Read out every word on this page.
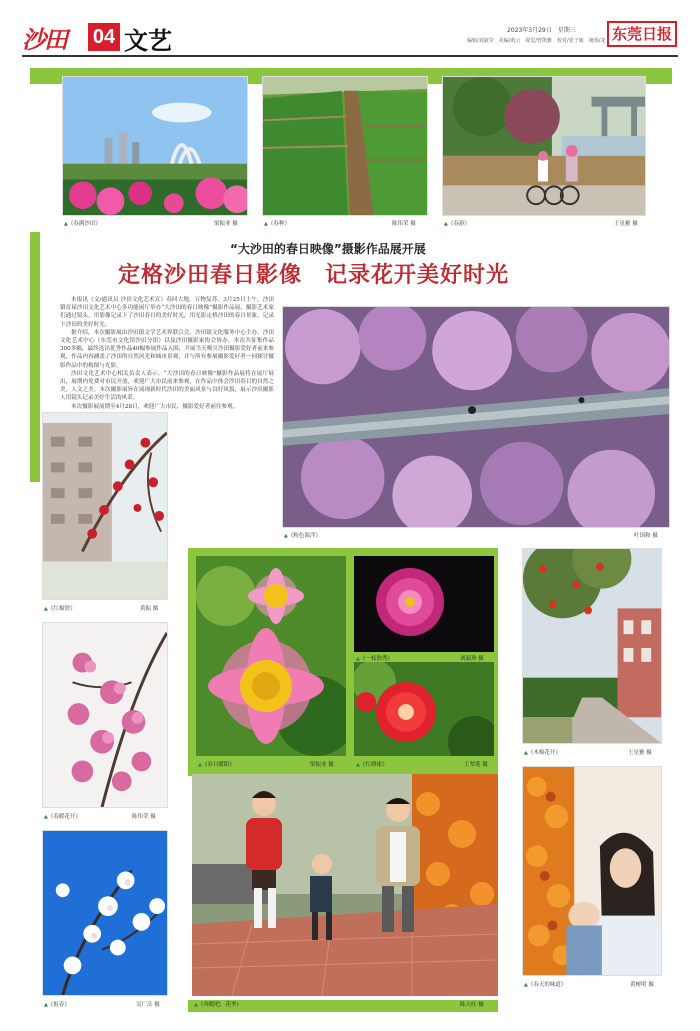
沙田 04 文艺	2023年3月29日　星期三
编辑/刘淑莹　美编/黄云　视觉/曾凯雅　校对/张子敏　统筹/龙 东莞日报
▲《春满沙田》	梁振业 摄	▲《春种》	陈伟荣 摄	▲《春游》	王星雅 摄
“大沙田的春日映像”摄影作品展开展
定格沙田春日影像　记录花开美好时光

本报讯（文/通讯员 沙田文化艺术宣）春回大地，万物复苏。3月25日上午，沙田镇首届沙田文化艺术中心多功能展厅举办“大沙田的春日映像”摄影作品展，摄影艺术家们通过镜头，用影像记录下了沙田春日的美好时光，用光影定格沙田的春日景象，记录下沙田的美好时光。

据介绍，本次摄影展由沙田镇文学艺术界联合会、沙田镇文化服务中心主办，沙田文化艺术中心（东莞市文化馆沙田分馆）以及沙田摄影家协会协办。本次共征集作品300多幅，最终选出优秀作品40幅参展作品入围，开展当天吸引沙田摄影爱好者前来参观，作品内容涵盖了沙田的自然风光和城市景观，并与所有参展摄影爱好者一同探讨摄影作品中的构图与光影。

沙田文化艺术中心相关负责人表示，“大沙田的春日映像”摄影作品展将在展厅展出，展期内免费对市民开放，欢迎广大市民前来参观，在作品中体会沙田春日的自然之美，人文之美。本次摄影展旨在展现新时代沙田的美丽风景与良好风貌，展示沙田摄影人用镜头记录美好生活的风采。

本次摄影展展期至4月28日，欢迎广大市民、摄影爱好者前往参观。

▲《粉色海洋》	叶国和 摄
▲《红棉情》	黄振 摄
▲《春暖花开》	陈伟荣 摄
▲《报春》	吴广庆 摄
▲《春日暖阳》	梁振业 摄
▲《一枝独秀》	刘淑珍 摄
▲《红绣球》	王翠莲 摄
▲《木棉花开》	王星雅 摄
▲《春天的味道》	黄树明 摄
▲《奔跑吧，花季》	陈天旺 摄
